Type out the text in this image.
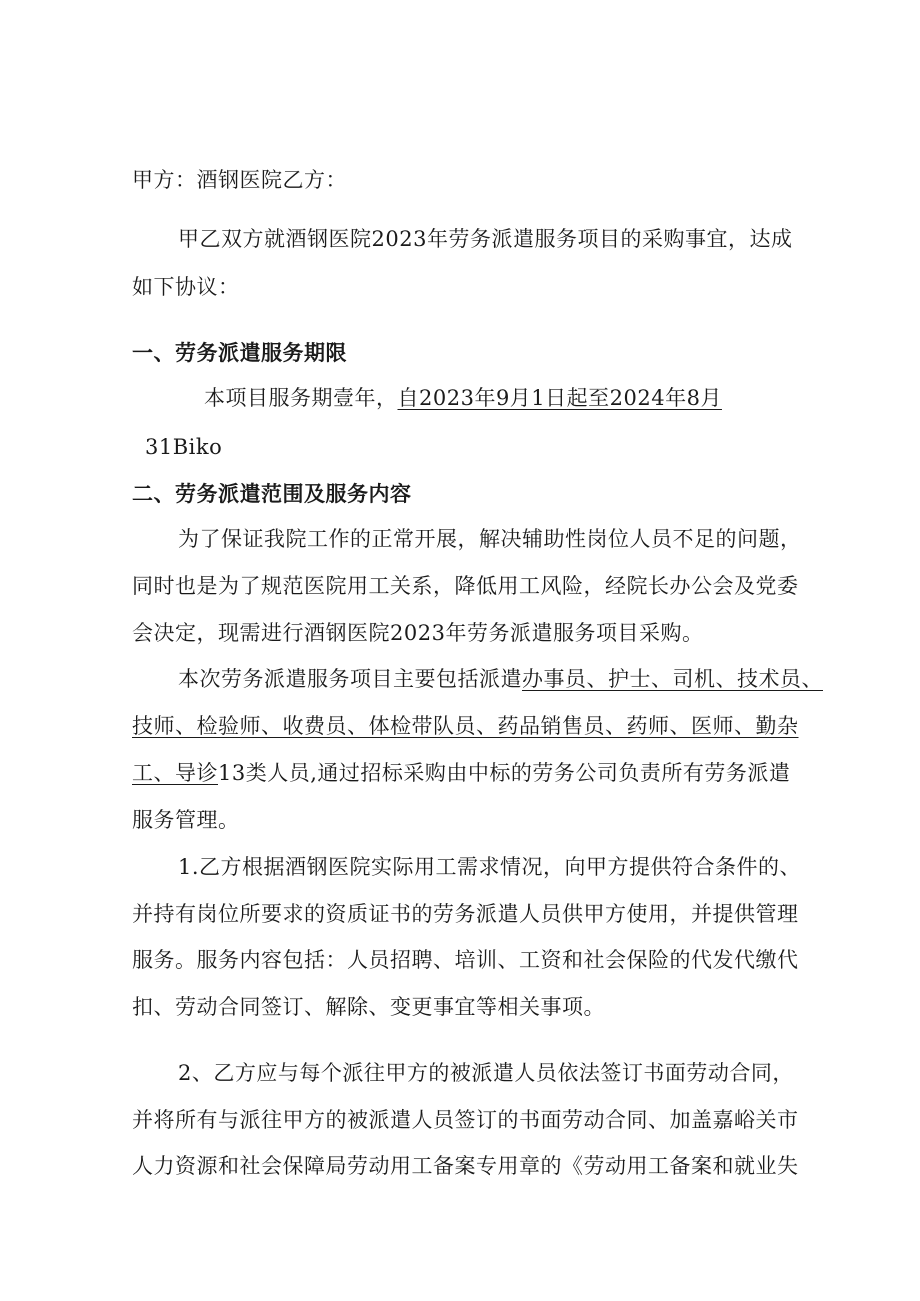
甲方：酒钢医院乙方：
甲乙双方就酒钢医院2023年劳务派遣服务项目的采购事宜，达成
如下协议：
一、劳务派遣服务期限
本项目服务期壹年，自2023年9月1日起至2024年8月
31Biko
二、劳务派遣范围及服务内容
为了保证我院工作的正常开展，解决辅助性岗位人员不足的问题，
同时也是为了规范医院用工关系，降低用工风险，经院长办公会及党委
会决定，现需进行酒钢医院2023年劳务派遣服务项目采购。
本次劳务派遣服务项目主要包括派遣办事员、护士、司机、技术员、
技师、检验师、收费员、体检带队员、药品销售员、药师、医师、勤杂
工、导诊13类人员,通过招标采购由中标的劳务公司负责所有劳务派遣
服务管理。
1.乙方根据酒钢医院实际用工需求情况，向甲方提供符合条件的、
并持有岗位所要求的资质证书的劳务派遣人员供甲方使用，并提供管理
服务。服务内容包括：人员招聘、培训、工资和社会保险的代发代缴代
扣、劳动合同签订、解除、变更事宜等相关事项。
2、乙方应与每个派往甲方的被派遣人员依法签订书面劳动合同，
并将所有与派往甲方的被派遣人员签订的书面劳动合同、加盖嘉峪关市
人力资源和社会保障局劳动用工备案专用章的《劳动用工备案和就业失
